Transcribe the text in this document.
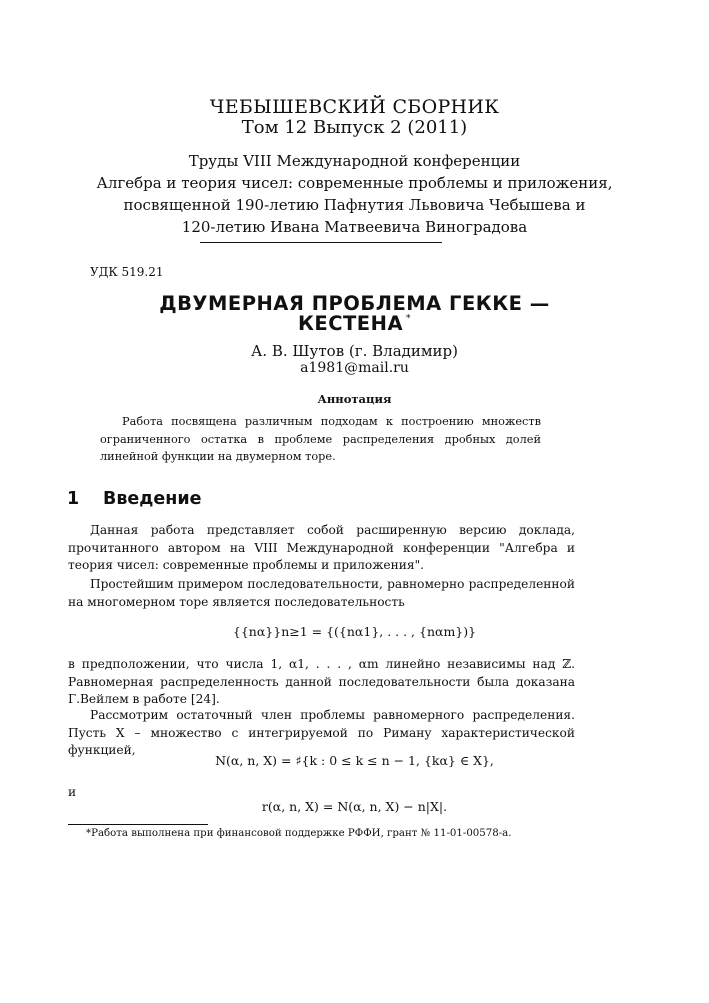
ЧЕБЫШЕВСКИЙ СБОРНИК
Том 12 Выпуск 2 (2011)
Труды VIII Международной конференции
Алгебра и теория чисел: современные проблемы и приложения,
посвященной 190-летию Пафнутия Львовича Чебышева и
120-летию Ивана Матвеевича Виноградова
УДК 519.21
ДВУМЕРНАЯ ПРОБЛЕМА ГЕККЕ —
КЕСТЕНА *
А. В. Шутов (г. Владимир)
a1981@mail.ru
Аннотация
Работа посвящена различным подходам к построению множеств ограниченного остатка в проблеме распределения дробных долей линейной функции на двумерном торе.
1 Введение
Данная работа представляет собой расширенную версию доклада, прочитанного автором на VIII Международной конференции "Алгебра и теория чисел: современные проблемы и приложения".
Простейшим примером последовательности, равномерно распределенной на многомерном торе является последовательность
{{nα}}n≥1 = {({nα1}, . . . , {nαm})}
в предположении, что числа 1, α1, . . . , αm линейно независимы над ℤ. Равномерная распределенность данной последовательности была доказана Г.Вейлем в работе [24].
Рассмотрим остаточный член проблемы равномерного распределения. Пусть X – множество с интегрируемой по Риману характеристической функцией,
N(α, n, X) = ♯{k : 0 ≤ k ≤ n − 1, {kα} ∈ X},
и
r(α, n, X) = N(α, n, X) − n|X|.
*Работа выполнена при финансовой поддержке РФФИ, грант № 11-01-00578-а.
